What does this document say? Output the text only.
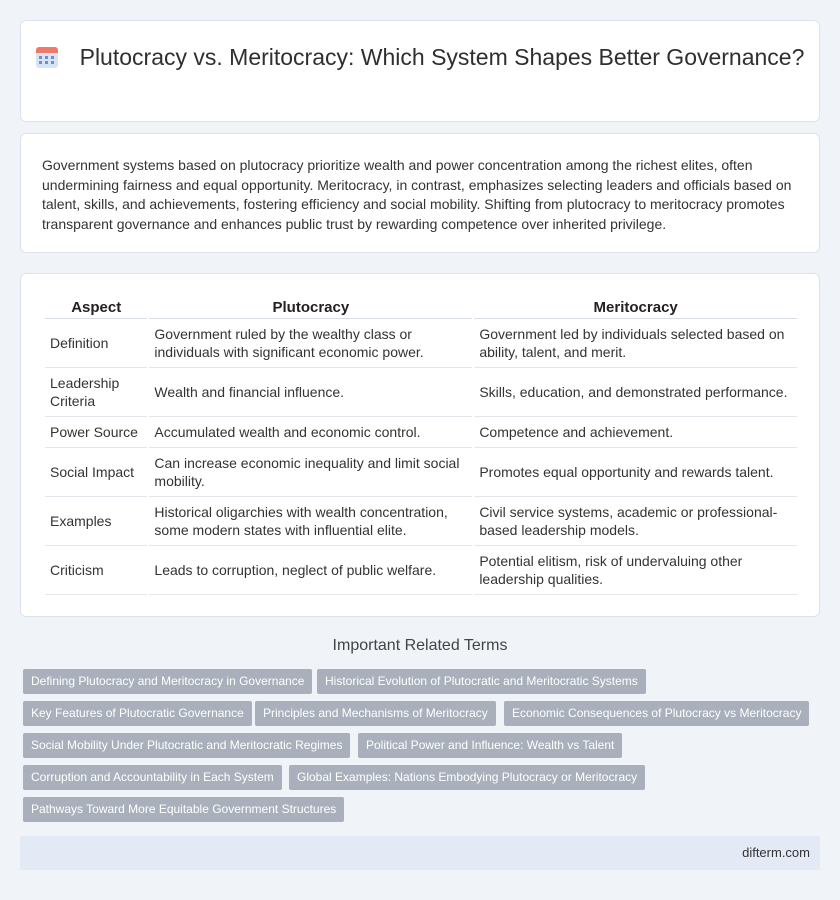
Plutocracy vs. Meritocracy: Which System Shapes Better Governance?

Government systems based on plutocracy prioritize wealth and power concentration among the richest elites, often undermining fairness and equal opportunity. Meritocracy, in contrast, emphasizes selecting leaders and officials based on talent, skills, and achievements, fostering efficiency and social mobility. Shifting from plutocracy to meritocracy promotes transparent governance and enhances public trust by rewarding competence over inherited privilege.

Aspect	Plutocracy	Meritocracy
Definition	Government ruled by the wealthy class or individuals with significant economic power.	Government led by individuals selected based on ability, talent, and merit.
Leadership Criteria	Wealth and financial influence.	Skills, education, and demonstrated performance.
Power Source	Accumulated wealth and economic control.	Competence and achievement.
Social Impact	Can increase economic inequality and limit social mobility.	Promotes equal opportunity and rewards talent.
Examples	Historical oligarchies with wealth concentration, some modern states with influential elite.	Civil service systems, academic or professional-based leadership models.
Criticism	Leads to corruption, neglect of public welfare.	Potential elitism, risk of undervaluing other leadership qualities.
Important Related Terms
Defining Plutocracy and Meritocracy in Governance	Historical Evolution of Plutocratic and Meritocratic Systems
Key Features of Plutocratic Governance	Principles and Mechanisms of Meritocracy	Economic Consequences of Plutocracy vs Meritocracy
Social Mobility Under Plutocratic and Meritocratic Regimes	Political Power and Influence: Wealth vs Talent
Corruption and Accountability in Each System	Global Examples: Nations Embodying Plutocracy or Meritocracy
Pathways Toward More Equitable Government Structures
difterm.com
